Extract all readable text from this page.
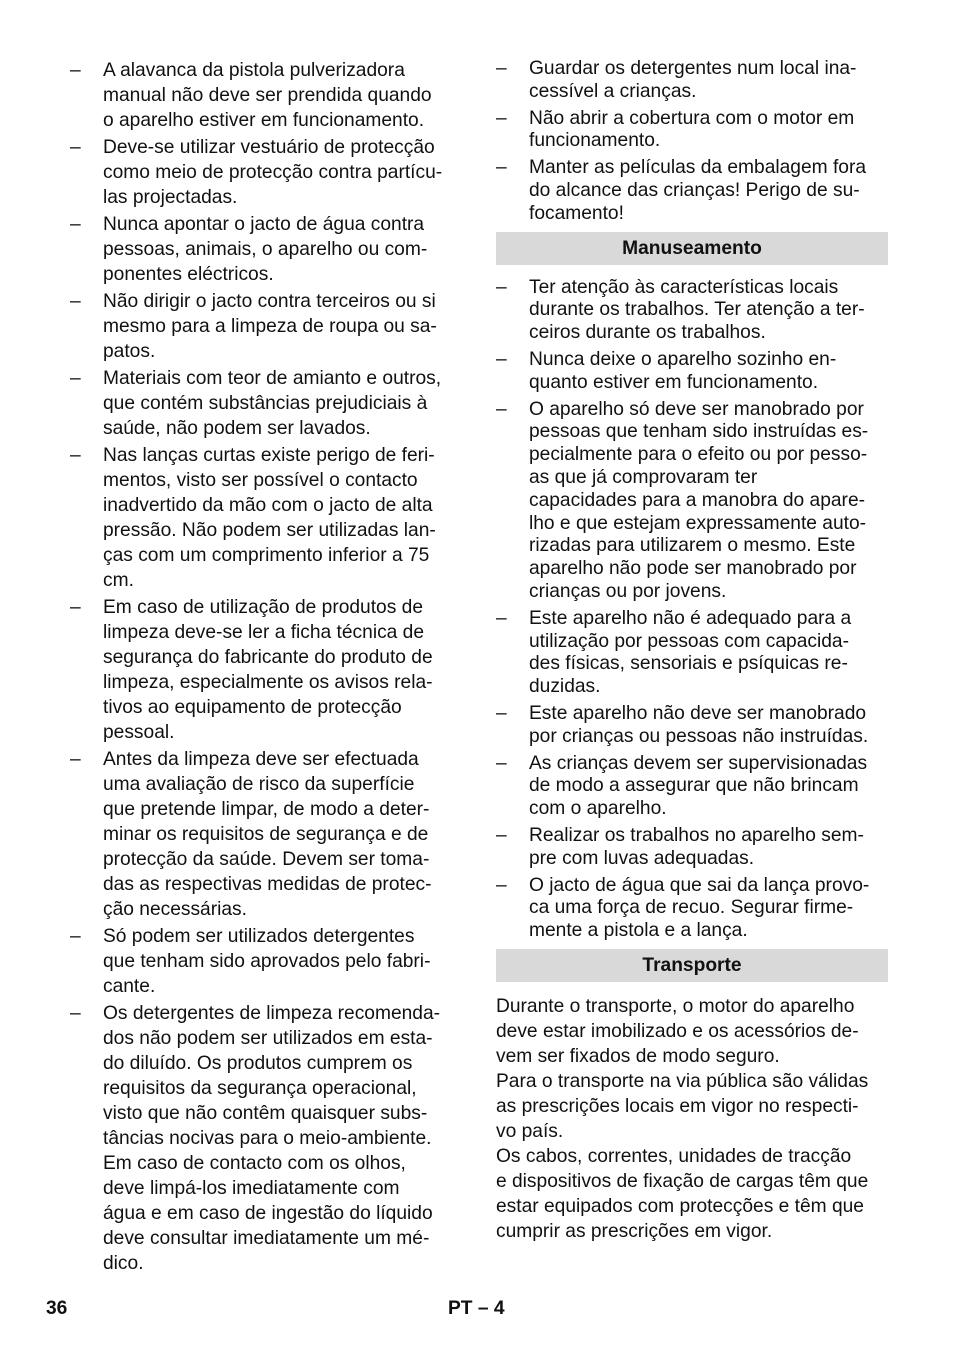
– A alavanca da pistola pulverizadora
manual não deve ser prendida quando
o aparelho estiver em funcionamento.
– Deve-se utilizar vestuário de protecção
como meio de protecção contra partícu-
las projectadas.
– Nunca apontar o jacto de água contra
pessoas, animais, o aparelho ou com-
ponentes eléctricos.
– Não dirigir o jacto contra terceiros ou si
mesmo para a limpeza de roupa ou sa-
patos.
– Materiais com teor de amianto e outros,
que contém substâncias prejudiciais à
saúde, não podem ser lavados.
– Nas lanças curtas existe perigo de feri-
mentos, visto ser possível o contacto
inadvertido da mão com o jacto de alta
pressão. Não podem ser utilizadas lan-
ças com um comprimento inferior a 75
cm.
– Em caso de utilização de produtos de
limpeza deve-se ler a ficha técnica de
segurança do fabricante do produto de
limpeza, especialmente os avisos rela-
tivos ao equipamento de protecção
pessoal.
– Antes da limpeza deve ser efectuada
uma avaliação de risco da superfície
que pretende limpar, de modo a deter-
minar os requisitos de segurança e de
protecção da saúde. Devem ser toma-
das as respectivas medidas de protec-
ção necessárias.
– Só podem ser utilizados detergentes
que tenham sido aprovados pelo fabri-
cante.
– Os detergentes de limpeza recomenda-
dos não podem ser utilizados em esta-
do diluído. Os produtos cumprem os
requisitos da segurança operacional,
visto que não contêm quaisquer subs-
tâncias nocivas para o meio-ambiente.
Em caso de contacto com os olhos,
deve limpá-los imediatamente com
água e em caso de ingestão do líquido
deve consultar imediatamente um mé-
dico.
– Guardar os detergentes num local ina-
cessível a crianças.
– Não abrir a cobertura com o motor em
funcionamento.
– Manter as películas da embalagem fora
do alcance das crianças! Perigo de su-
focamento!
Manuseamento
– Ter atenção às características locais
durante os trabalhos. Ter atenção a ter-
ceiros durante os trabalhos.
– Nunca deixe o aparelho sozinho en-
quanto estiver em funcionamento.
– O aparelho só deve ser manobrado por
pessoas que tenham sido instruídas es-
pecialmente para o efeito ou por pesso-
as que já comprovaram ter
capacidades para a manobra do apare-
lho e que estejam expressamente auto-
rizadas para utilizarem o mesmo. Este
aparelho não pode ser manobrado por
crianças ou por jovens.
– Este aparelho não é adequado para a
utilização por pessoas com capacida-
des físicas, sensoriais e psíquicas re-
duzidas.
– Este aparelho não deve ser manobrado
por crianças ou pessoas não instruídas.
– As crianças devem ser supervisionadas
de modo a assegurar que não brincam
com o aparelho.
– Realizar os trabalhos no aparelho sem-
pre com luvas adequadas.
– O jacto de água que sai da lança provo-
ca uma força de recuo. Segurar firme-
mente a pistola e a lança.
Transporte
Durante o transporte, o motor do aparelho
deve estar imobilizado e os acessórios de-
vem ser fixados de modo seguro.
Para o transporte na via pública são válidas
as prescrições locais em vigor no respecti-
vo país.
Os cabos, correntes, unidades de tracção
e dispositivos de fixação de cargas têm que
estar equipados com protecções e têm que
cumprir as prescrições em vigor.
36	PT – 4
